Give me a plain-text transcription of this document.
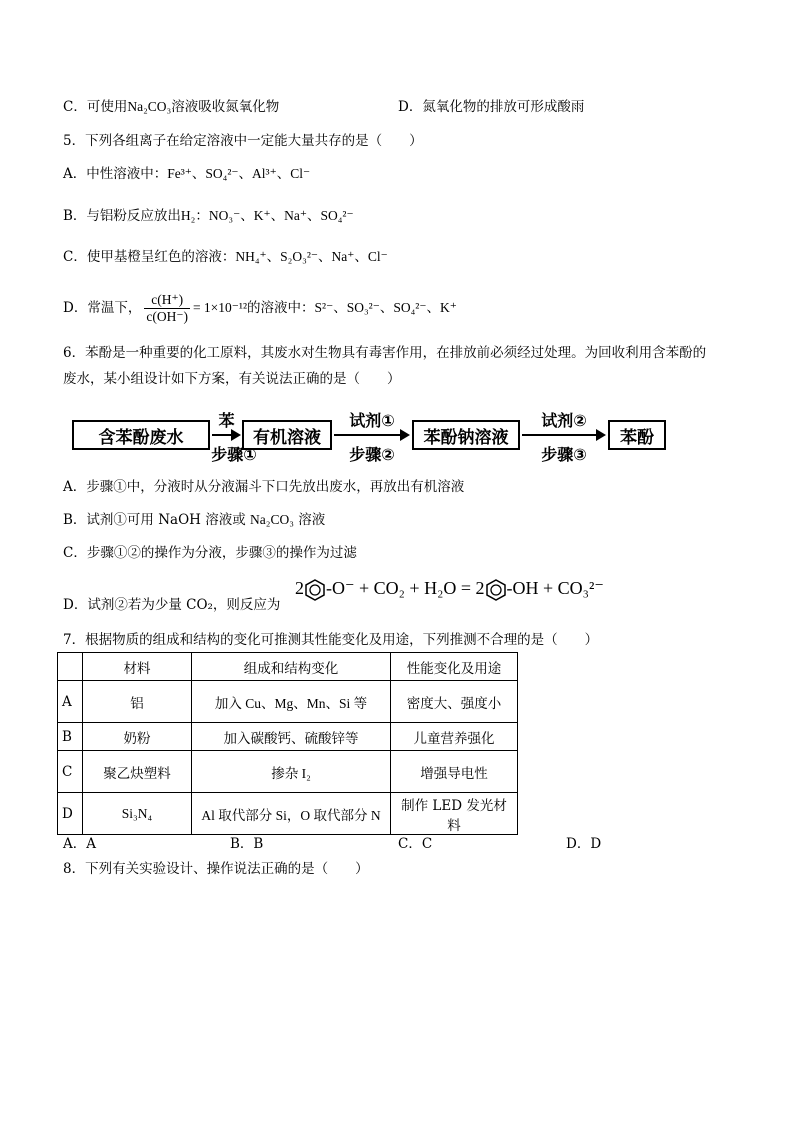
C．可使用Na₂CO₃溶液吸收氮氧化物	D．氮氧化物的排放可形成酸雨
5．下列各组离子在给定溶液中一定能大量共存的是（　　）
A．中性溶液中：Fe³⁺、SO₄²⁻、Al³⁺、Cl⁻
B．与铝粉反应放出H₂：NO₃⁻、K⁺、Na⁺、SO₄²⁻
C．使甲基橙呈红色的溶液：NH₄⁺、S₂O₃²⁻、Na⁺、Cl⁻
D．常温下， $\frac{c(H^+)}{c(OH^-)} = 1\times 10^{-12}$的溶液中：S²⁻、SO₃²⁻、SO₄²⁻、K⁺
6．苯酚是一种重要的化工原料，其废水对生物具有毒害作用，在排放前必须经过处理。为回收利用含苯酚的
废水，某小组设计如下方案，有关说法正确的是（　　）
含苯酚废水
苯
步骤①
有机溶液
试剂①
步骤②
苯酚钠溶液
试剂②
步骤③
苯酚
A．步骤①中，分液时从分液漏斗下口先放出废水，再放出有机溶液
B．试剂①可用 NaOH 溶液或 Na₂CO₃ 溶液
C．步骤①②的操作为分液，步骤③的操作为过滤
D．试剂②若为少量 CO₂，则反应为
2 -O⁻ + CO₂ + H₂O = 2 -OH + CO₃²⁻
7．根据物质的组成和结构的变化可推测其性能变化及用途，下列推测不合理的是（　　）
	材料	组成和结构变化	性能变化及用途
A	铝	加入 Cu、Mg、Mn、Si 等	密度大、强度小
B	奶粉	加入碳酸钙、硫酸锌等	儿童营养强化
C	聚乙炔塑料	掺杂 I₂	增强导电性
D	Si₃N₄	Al 取代部分 Si，O 取代部分 N	制作 LED 发光材料
A．A	B．B	C．C	D．D
8．下列有关实验设计、操作说法正确的是（　　）
